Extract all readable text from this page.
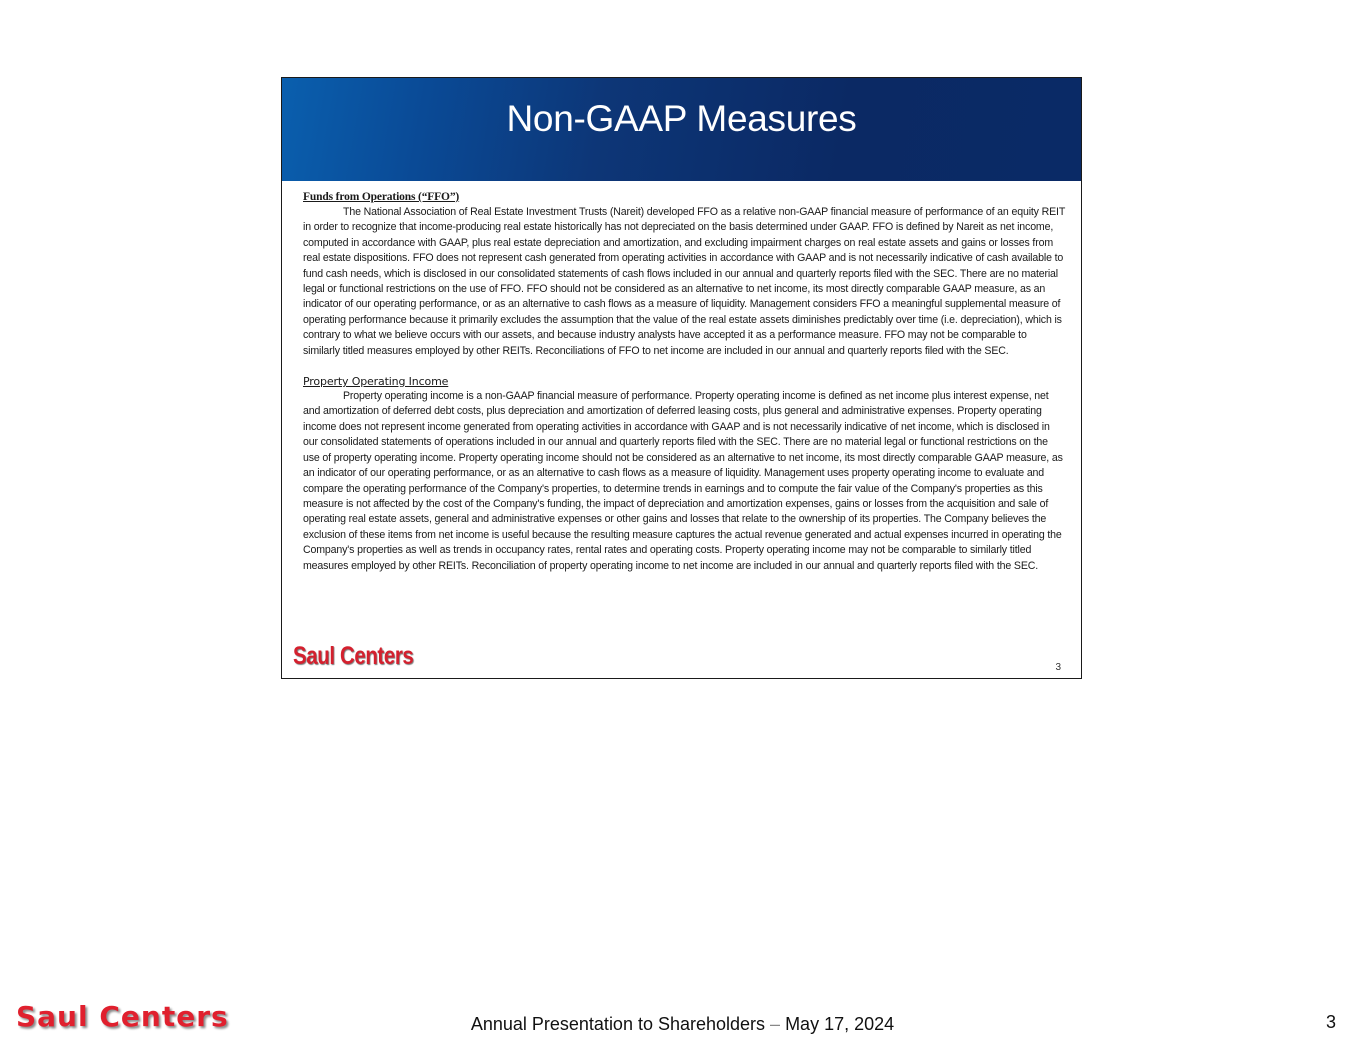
Non-GAAP Measures
Funds from Operations (“FFO”)

The National Association of Real Estate Investment Trusts (Nareit) developed FFO as a relative non-GAAP financial measure of performance of an equity REIT in order to recognize that income-producing real estate historically has not depreciated on the basis determined under GAAP. FFO is defined by Nareit as net income, computed in accordance with GAAP, plus real estate depreciation and amortization, and excluding impairment charges on real estate assets and gains or losses from real estate dispositions. FFO does not represent cash generated from operating activities in accordance with GAAP and is not necessarily indicative of cash available to fund cash needs, which is disclosed in our consolidated statements of cash flows included in our annual and quarterly reports filed with the SEC. There are no material legal or functional restrictions on the use of FFO. FFO should not be considered as an alternative to net income, its most directly comparable GAAP measure, as an indicator of our operating performance, or as an alternative to cash flows as a measure of liquidity. Management considers FFO a meaningful supplemental measure of operating performance because it primarily excludes the assumption that the value of the real estate assets diminishes predictably over time (i.e. depreciation), which is contrary to what we believe occurs with our assets, and because industry analysts have accepted it as a performance measure. FFO may not be comparable to similarly titled measures employed by other REITs. Reconciliations of FFO to net income are included in our annual and quarterly reports filed with the SEC.

Property Operating Income

Property operating income is a non-GAAP financial measure of performance. Property operating income is defined as net income plus interest expense, net and amortization of deferred debt costs, plus depreciation and amortization of deferred leasing costs, plus general and administrative expenses. Property operating income does not represent income generated from operating activities in accordance with GAAP and is not necessarily indicative of net income, which is disclosed in our consolidated statements of operations included in our annual and quarterly reports filed with the SEC. There are no material legal or functional restrictions on the use of property operating income. Property operating income should not be considered as an alternative to net income, its most directly comparable GAAP measure, as an indicator of our operating performance, or as an alternative to cash flows as a measure of liquidity. Management uses property operating income to evaluate and compare the operating performance of the Company's properties, to determine trends in earnings and to compute the fair value of the Company's properties as this measure is not affected by the cost of the Company's funding, the impact of depreciation and amortization expenses, gains or losses from the acquisition and sale of operating real estate assets, general and administrative expenses or other gains and losses that relate to the ownership of its properties. The Company believes the exclusion of these items from net income is useful because the resulting measure captures the actual revenue generated and actual expenses incurred in operating the Company's properties as well as trends in occupancy rates, rental rates and operating costs. Property operating income may not be comparable to similarly titled measures employed by other REITs. Reconciliation of property operating income to net income are included in our annual and quarterly reports filed with the SEC.

Saul Centers	3
Saul Centers	Annual Presentation to Shareholders – May 17, 2024	3
